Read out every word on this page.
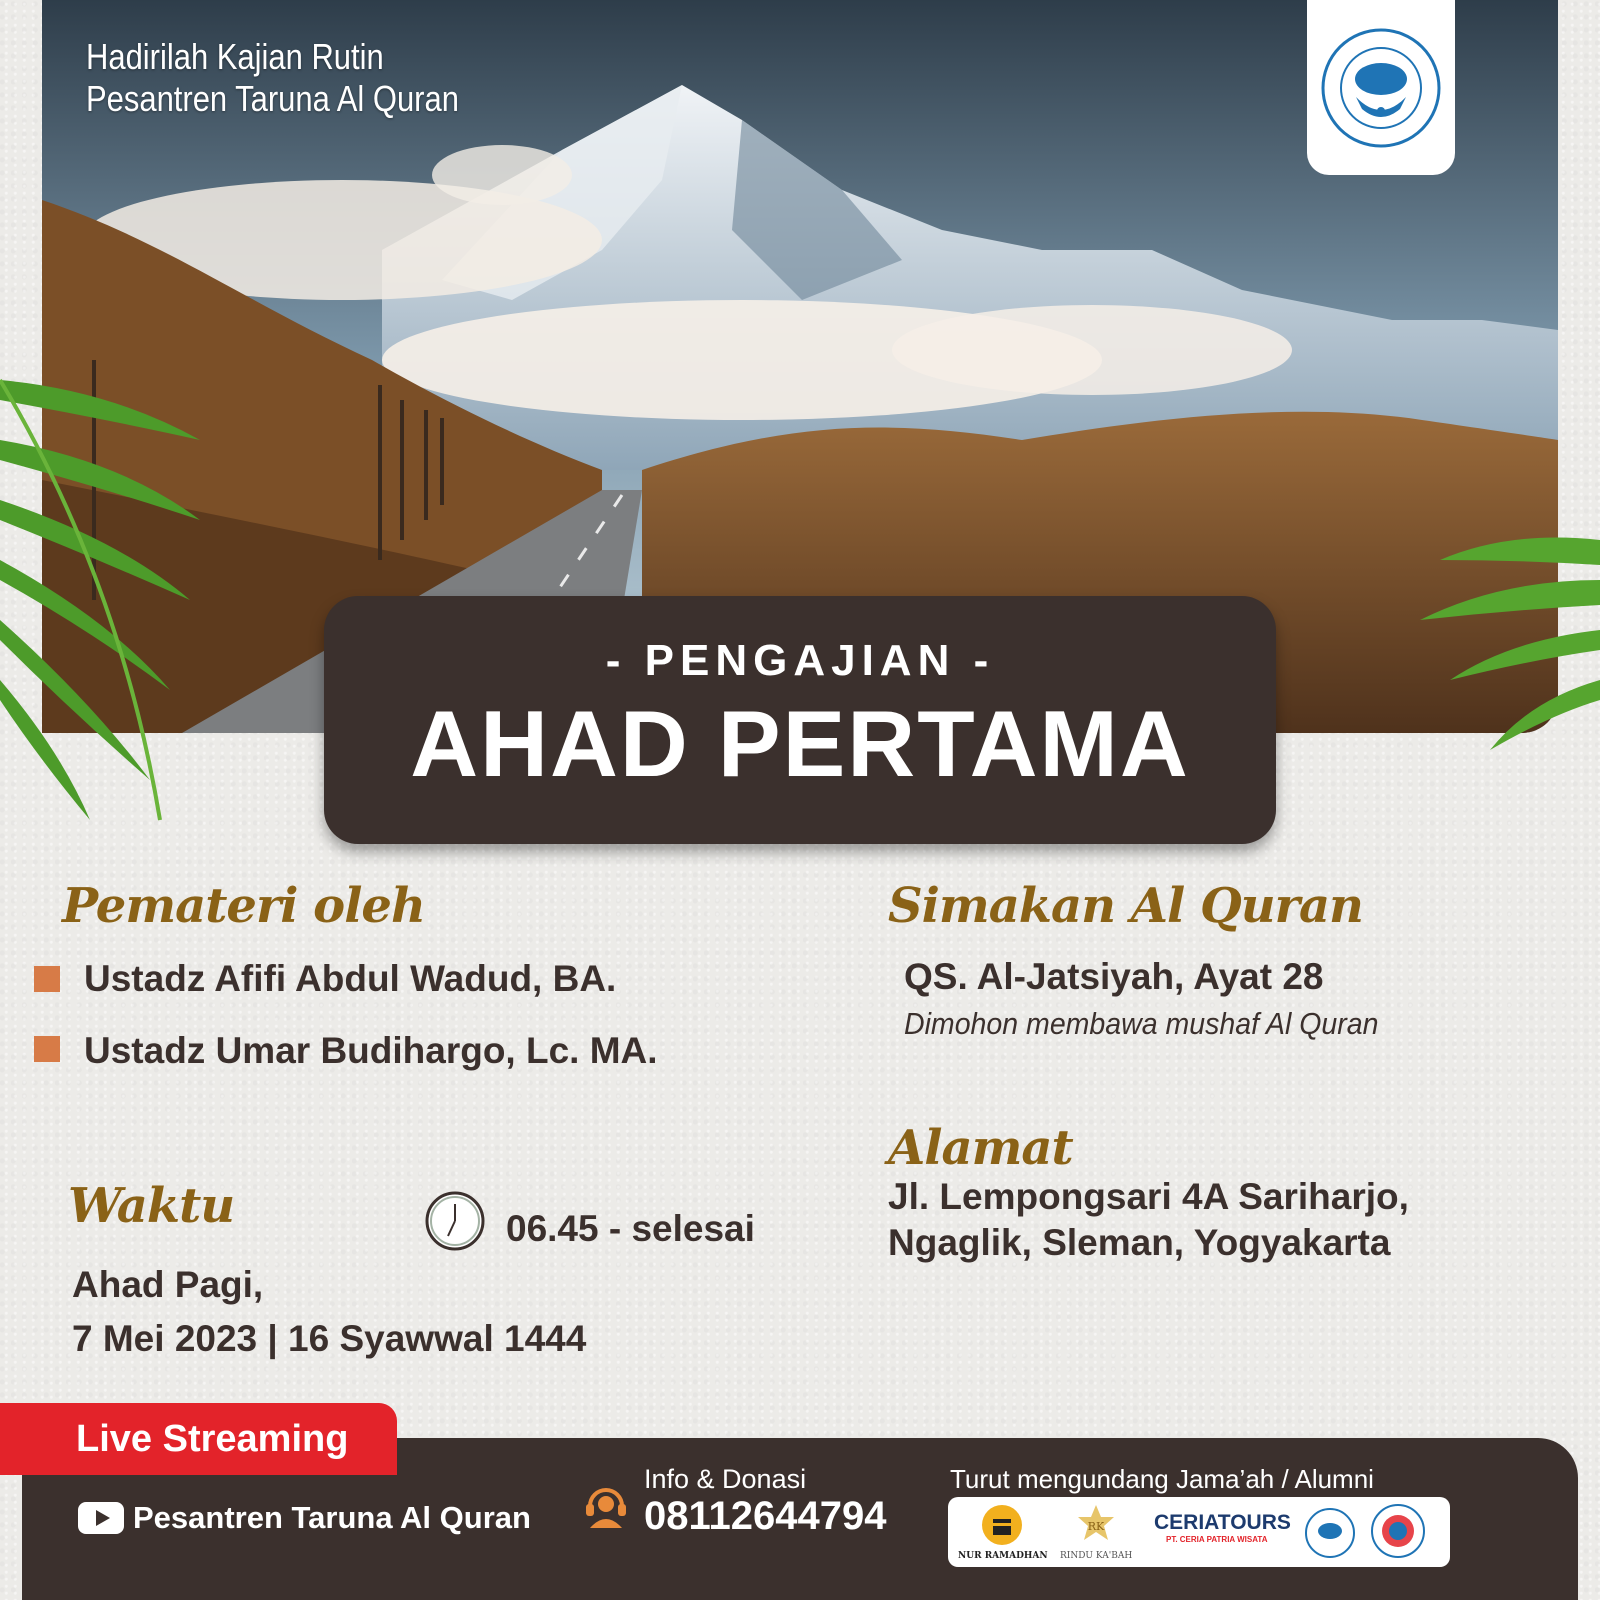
Hadirilah Kajian Rutin
Pesantren Taruna Al Quran
- PENGAJIAN -
AHAD PERTAMA
Pemateri oleh
Ustadz Afifi Abdul Wadud, BA.
Ustadz Umar Budihargo, Lc. MA.
Simakan Al Quran
QS. Al-Jatsiyah, Ayat 28
Dimohon membawa mushaf Al Quran
Waktu	06.45 - selesai
Ahad Pagi,
7 Mei 2023 | 16 Syawwal 1444
Alamat
Jl. Lempongsari 4A Sariharjo,
Ngaglik, Sleman, Yogyakarta
Live Streaming
Pesantren Taruna Al Quran
Info & Donasi
08112644794
Turut mengundang Jama’ah / Alumni
NUR RAMADHAN
RK
RINDU KA'BAH
CERIATOURS
PT. CERIA PATRIA WISATA
